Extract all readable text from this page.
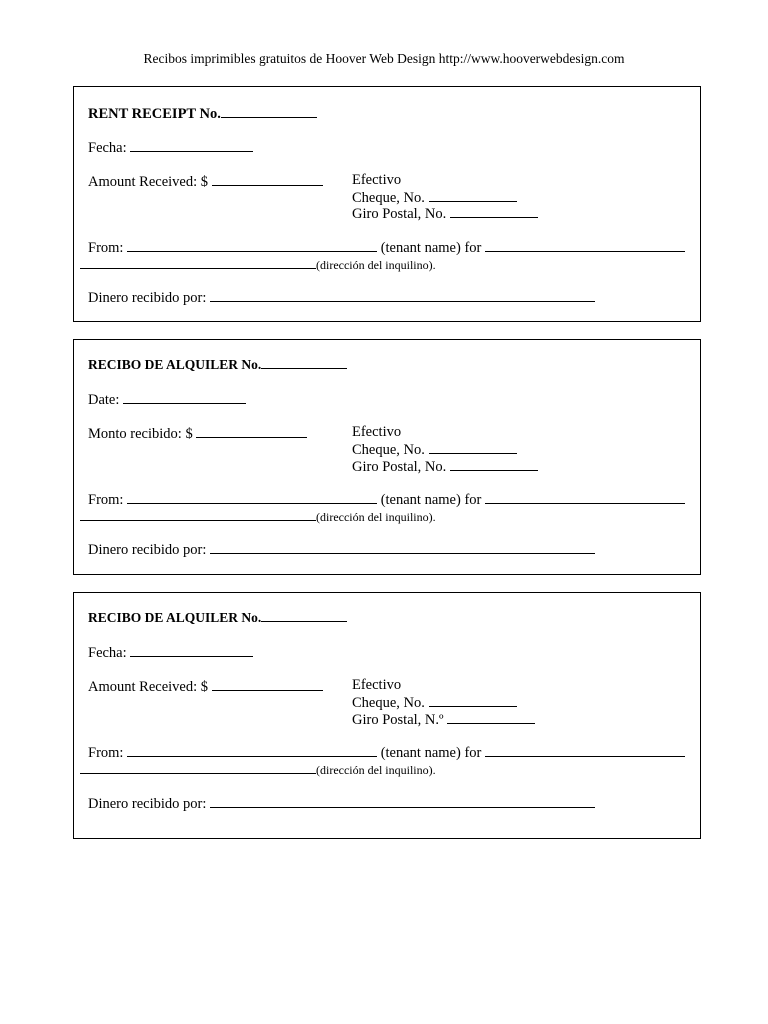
Recibos imprimibles gratuitos de Hoover Web Design http://www.hooverwebdesign.com
RENT RECEIPT No.
Fecha:
Amount Received: $	Efectivo
Cheque, No.
Giro Postal, No.
From:	(tenant name) for
(dirección del inquilino).
Dinero recibido por:
RECIBO DE ALQUILER No.
Date:
Monto recibido: $	Efectivo
Cheque, No.
Giro Postal, No.
From:	(tenant name) for
(dirección del inquilino).
Dinero recibido por:
RECIBO DE ALQUILER No.
Fecha:
Amount Received: $	Efectivo
Cheque, No.
Giro Postal, N.º
From:	(tenant name) for
(dirección del inquilino).
Dinero recibido por:
